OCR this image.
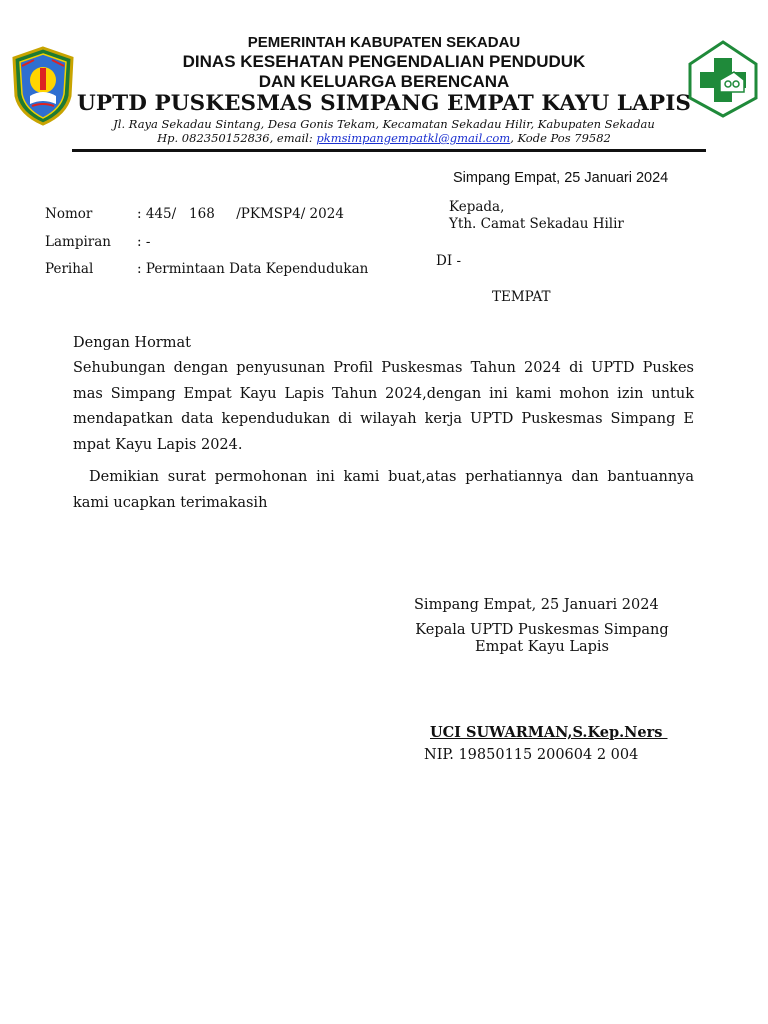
PEMERINTAH KABUPATEN SEKADAU
DINAS KESEHATAN PENGENDALIAN PENDUDUK
DAN KELUARGA BERENCANA
UPTD PUSKESMAS SIMPANG EMPAT KAYU LAPIS
Jl. Raya Sekadau Sintang, Desa Gonis Tekam, Kecamatan Sekadau Hilir, Kabupaten Sekadau
Hp. 082350152836, email: pkmsimpangempatkl@gmail.com, Kode Pos 79582
Simpang Empat, 25 Januari 2024
Nomor	: 445/   168     /PKMSP4/ 2024
Lampiran : -
Perihal	: Permintaan Data Kependudukan
Kepada,
Yth. Camat Sekadau Hilir
DI -
TEMPAT
Dengan Hormat
Sehubungan dengan penyusunan Profil Puskesmas Tahun 2024 di UPTD Puskes mas Simpang Empat Kayu Lapis Tahun 2024,dengan ini kami mohon izin untuk mendapatkan data kependudukan di wilayah kerja UPTD Puskesmas Simpang E mpat Kayu Lapis 2024.
Demikian surat permohonan ini kami buat,atas perhatiannya dan bantuannya kami ucapkan terimakasih
Simpang Empat, 25 Januari 2024
Kepala UPTD Puskesmas Simpang
Empat Kayu Lapis
UCI SUWARMAN,S.Kep.Ners
NIP. 19850115 200604 2 004
